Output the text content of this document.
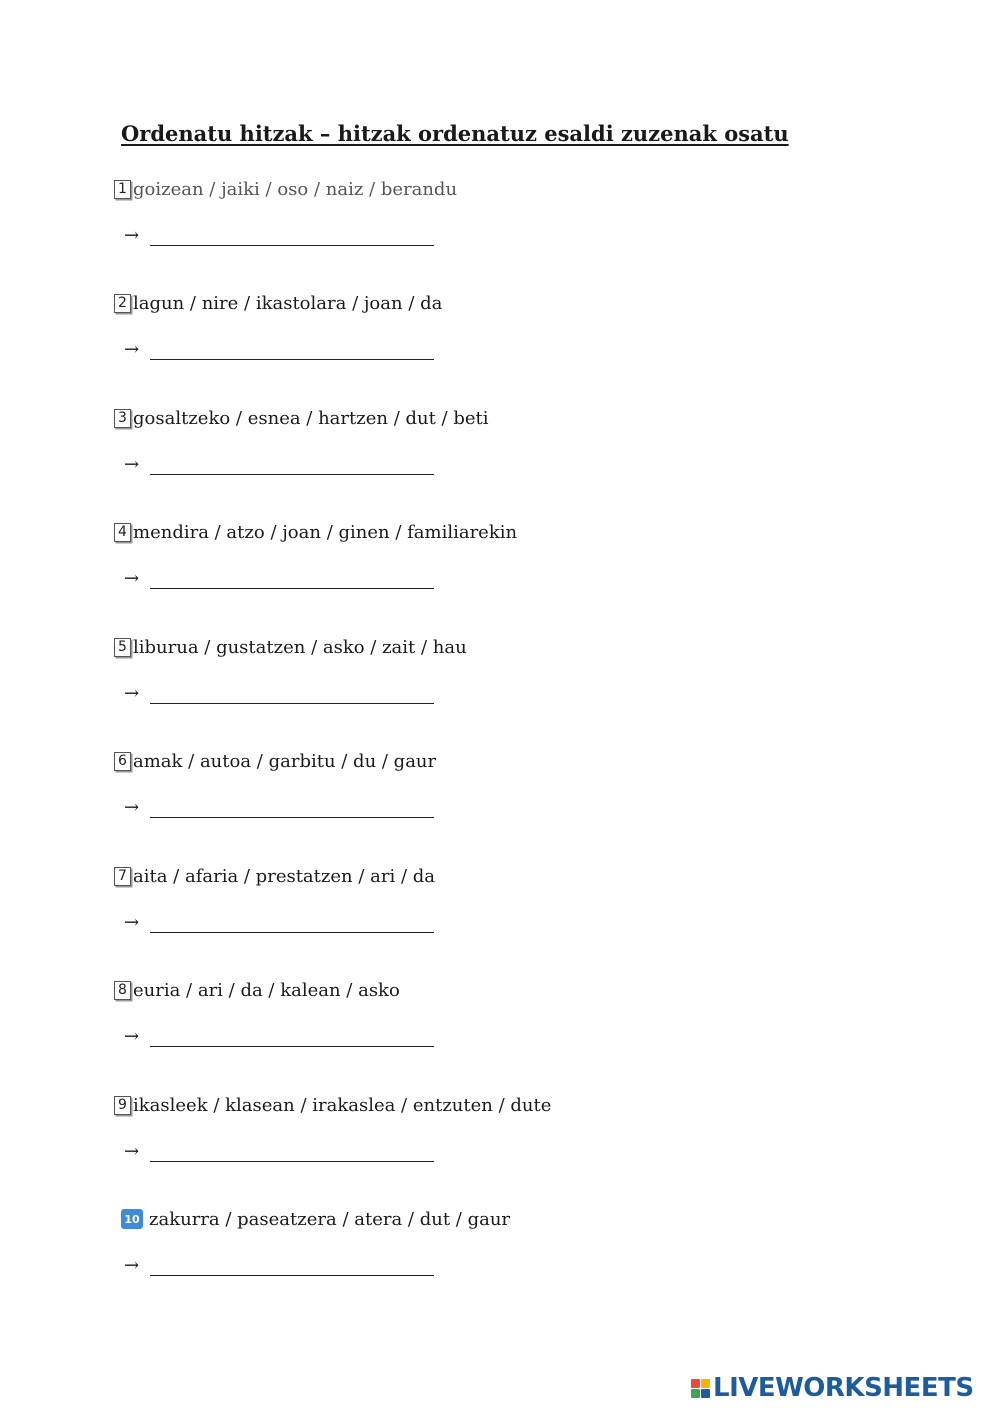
Ordenatu hitzak – hitzak ordenatuz esaldi zuzenak osatu
1 goizean / jaiki / oso / naiz / berandu
→
2 lagun / nire / ikastolara / joan / da
→
3 gosaltzeko / esnea / hartzen / dut / beti
→
4 mendira / atzo / joan / ginen / familiarekin
→
5 liburua / gustatzen / asko / zait / hau
→
6 amak / autoa / garbitu / du / gaur
→
7 aita / afaria / prestatzen / ari / da
→
8 euria / ari / da / kalean / asko
→
9 ikasleek / klasean / irakaslea / entzuten / dute
→
10 zakurra / paseatzera / atera / dut / gaur
→
LIVEWORKSHEETS
